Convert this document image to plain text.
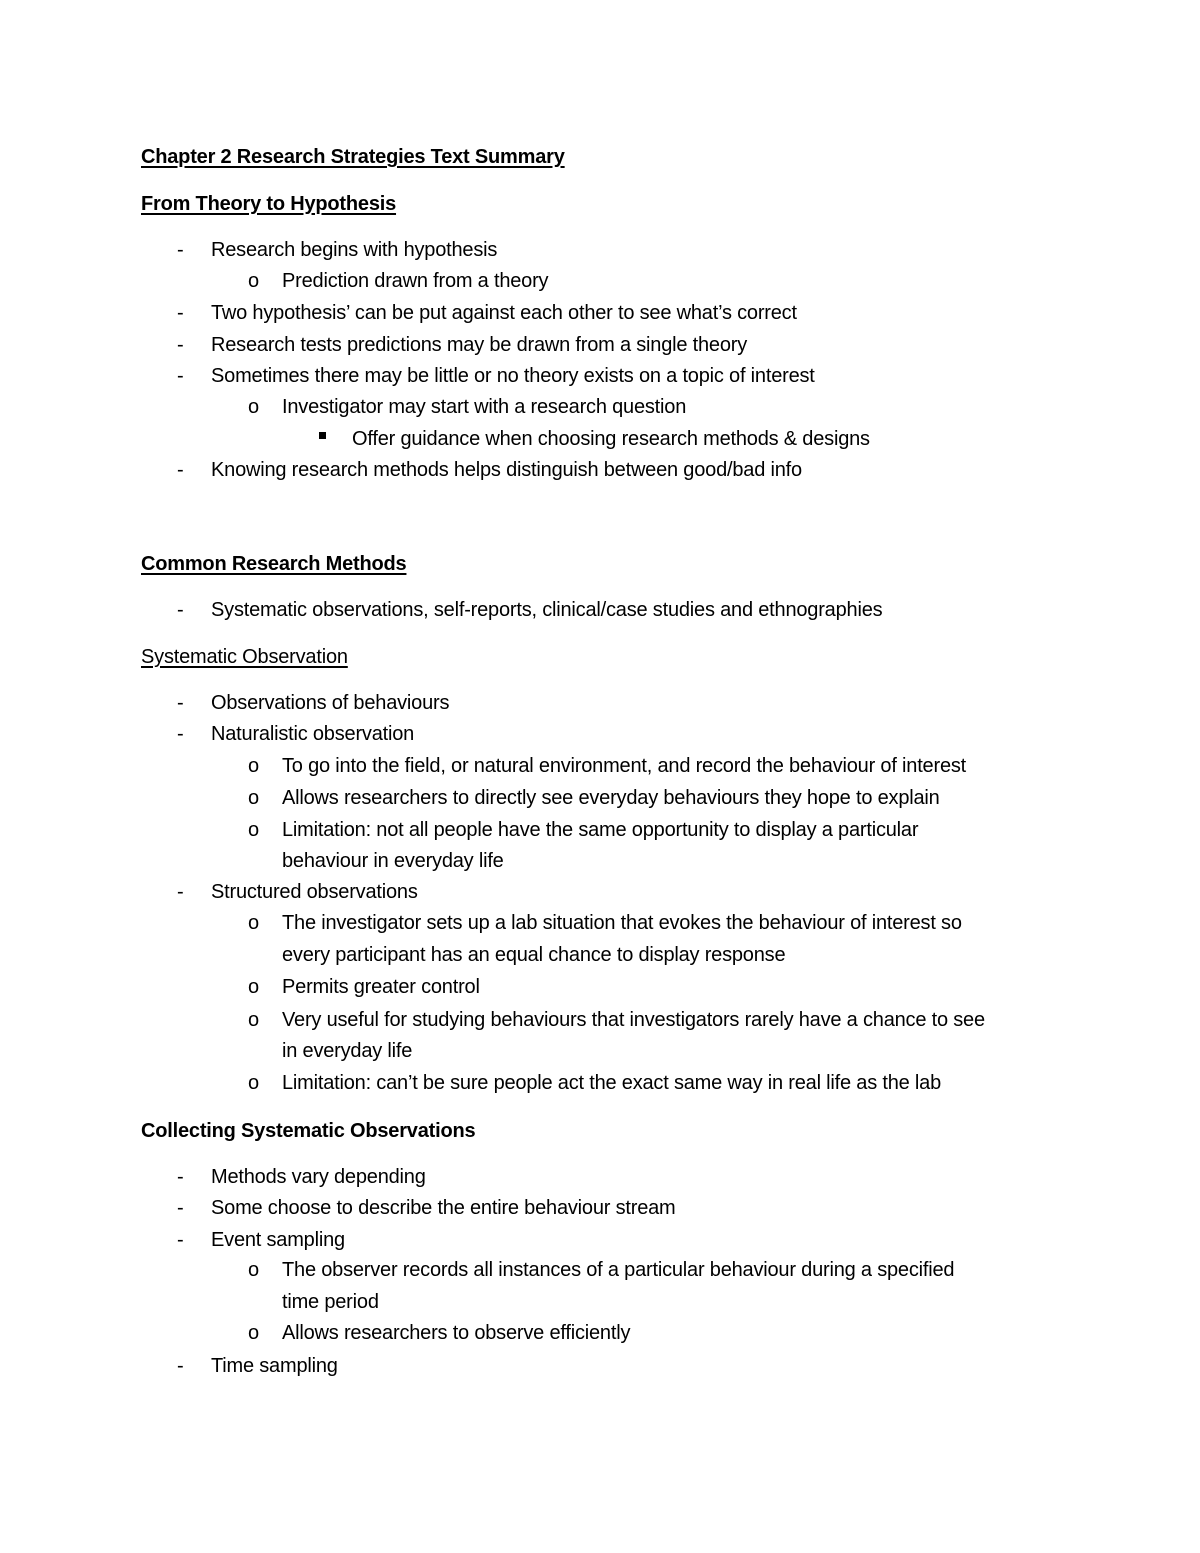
Chapter 2 Research Strategies Text Summary

From Theory to Hypothesis

- Research begins with hypothesis

o Prediction drawn from a theory

- Two hypothesis’ can be put against each other to see what’s correct

- Research tests predictions may be drawn from a single theory

- Sometimes there may be little or no theory exists on a topic of interest

o Investigator may start with a research question

Offer guidance when choosing research methods & designs

- Knowing research methods helps distinguish between good/bad info

Common Research Methods

- Systematic observations, self-reports, clinical/case studies and ethnographies

Systematic Observation

- Observations of behaviours

- Naturalistic observation

o To go into the field, or natural environment, and record the behaviour of interest

o Allows researchers to directly see everyday behaviours they hope to explain

o Limitation: not all people have the same opportunity to display a particular

behaviour in everyday life

- Structured observations

o The investigator sets up a lab situation that evokes the behaviour of interest so

every participant has an equal chance to display response

o Permits greater control

o Very useful for studying behaviours that investigators rarely have a chance to see

in everyday life

o Limitation: can’t be sure people act the exact same way in real life as the lab

Collecting Systematic Observations

- Methods vary depending

- Some choose to describe the entire behaviour stream

- Event sampling

o The observer records all instances of a particular behaviour during a specified

time period

o Allows researchers to observe efficiently

- Time sampling
